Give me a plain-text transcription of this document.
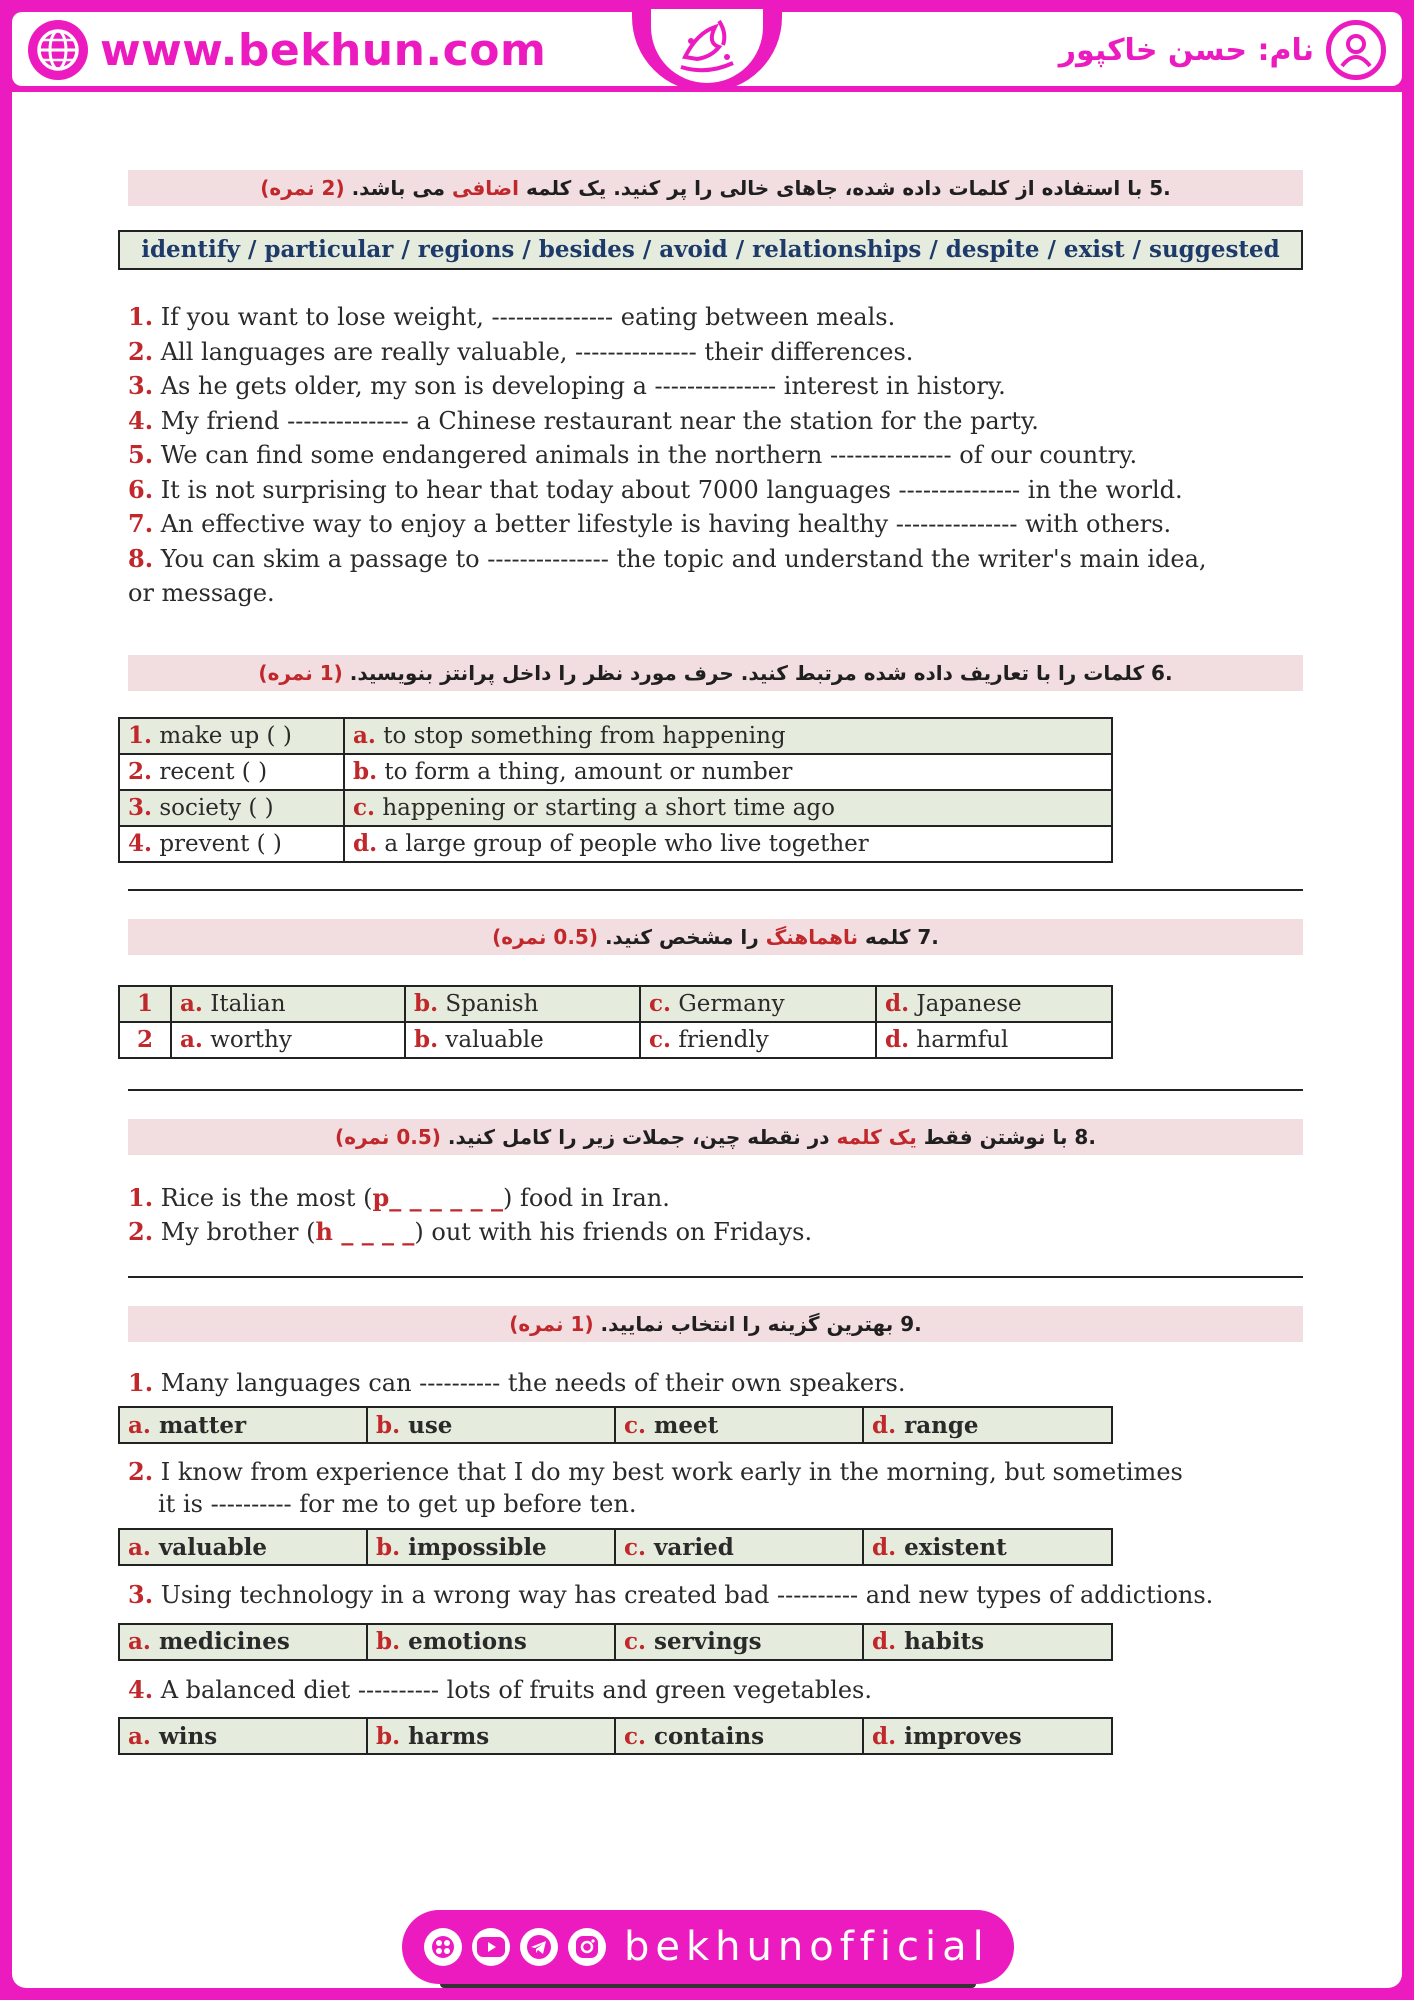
www.bekhun.com	نام: حسن خاکپور
.5 با استفاده از کلمات داده شده، جاهای خالی را پر کنید. یک کلمه اضافی می باشد. (2 نمره)
identify / particular / regions / besides / avoid / relationships / despite / exist / suggested
1. If you want to lose weight, --------------- eating between meals.
2. All languages are really valuable, --------------- their differences.
3. As he gets older, my son is developing a --------------- interest in history.
4. My friend --------------- a Chinese restaurant near the station for the party.
5. We can find some endangered animals in the northern --------------- of our country.
6. It is not surprising to hear that today about 7000 languages --------------- in the world.
7. An effective way to enjoy a better lifestyle is having healthy --------------- with others.
8. You can skim a passage to --------------- the topic and understand the writer's main idea,
or message.
.6 کلمات را با تعاریف داده شده مرتبط کنید. حرف مورد نظر را داخل پرانتز بنویسید. (1 نمره)
1. make up ( )	a. to stop something from happening
2. recent ( )	b. to form a thing, amount or number
3. society ( )	c. happening or starting a short time ago
4. prevent ( )	d. a large group of people who live together
.7 کلمه ناهماهنگ را مشخص کنید. (0.5 نمره)
1	a. Italian	b. Spanish	c. Germany	d. Japanese
2	a. worthy	b. valuable	c. friendly	d. harmful
.8 با نوشتن فقط یک کلمه در نقطه چین، جملات زیر را کامل کنید. (0.5 نمره)
1. Rice is the most (p_ _ _ _ _ _) food in Iran.
2. My brother (h _ _ _ _) out with his friends on Fridays.
.9 بهترین گزینه را انتخاب نمایید. (1 نمره)
1. Many languages can ---------- the needs of their own speakers.
a. matter	b. use	c. meet	d. range
2. I know from experience that I do my best work early in the morning, but sometimes
it is ---------- for me to get up before ten.
a. valuable	b. impossible	c. varied	d. existent
3. Using technology in a wrong way has created bad ---------- and new types of addictions.
a. medicines	b. emotions	c. servings	d. habits
4. A balanced diet ---------- lots of fruits and green vegetables.
a. wins	b. harms	c. contains	d. improves
bekhunofficial
